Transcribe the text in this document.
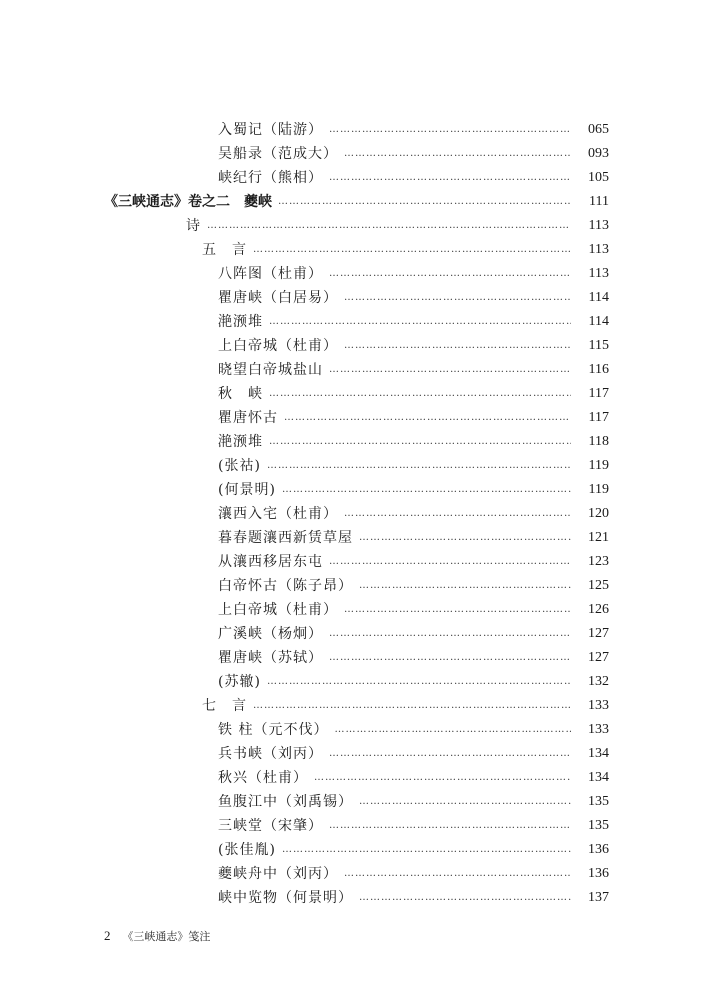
入蜀记（陆游） ……………………………………………………………………………………………………………………………………………………	065
吴船录（范成大） ……………………………………………………………………………………………………………………………………………………	093
峡纪行（熊相） ……………………………………………………………………………………………………………………………………………………	105
《三峡通志》卷之二　夔峡 ……………………………………………………………………………………………………………………………………………………	111
诗 ……………………………………………………………………………………………………………………………………………………	113
五　言 ……………………………………………………………………………………………………………………………………………………	113
八阵图（杜甫） ……………………………………………………………………………………………………………………………………………………	113
瞿唐峡（白居易） ……………………………………………………………………………………………………………………………………………………	114
滟滪堆 ……………………………………………………………………………………………………………………………………………………	114
上白帝城（杜甫） ……………………………………………………………………………………………………………………………………………………	115
晓望白帝城盐山 ……………………………………………………………………………………………………………………………………………………	116
秋　峡 ……………………………………………………………………………………………………………………………………………………	117
瞿唐怀古 ……………………………………………………………………………………………………………………………………………………	117
滟滪堆 ……………………………………………………………………………………………………………………………………………………	118
(张祜) ……………………………………………………………………………………………………………………………………………………	119
(何景明) ……………………………………………………………………………………………………………………………………………………	119
瀼西入宅（杜甫） ……………………………………………………………………………………………………………………………………………………	120
暮春题瀼西新赁草屋 ……………………………………………………………………………………………………………………………………………………	121
从瀼西移居东屯 ……………………………………………………………………………………………………………………………………………………	123
白帝怀古（陈子昂） ……………………………………………………………………………………………………………………………………………………	125
上白帝城（杜甫） ……………………………………………………………………………………………………………………………………………………	126
广溪峡（杨炯） ……………………………………………………………………………………………………………………………………………………	127
瞿唐峡（苏轼） ……………………………………………………………………………………………………………………………………………………	127
(苏辙) ……………………………………………………………………………………………………………………………………………………	132
七　言 ……………………………………………………………………………………………………………………………………………………	133
铁 柱（元不伐） ……………………………………………………………………………………………………………………………………………………	133
兵书峡（刘丙） ……………………………………………………………………………………………………………………………………………………	134
秋兴（杜甫） ……………………………………………………………………………………………………………………………………………………	134
鱼腹江中（刘禹锡） ……………………………………………………………………………………………………………………………………………………	135
三峡堂（宋肇） ……………………………………………………………………………………………………………………………………………………	135
(张佳胤) ……………………………………………………………………………………………………………………………………………………	136
夔峡舟中（刘丙） ……………………………………………………………………………………………………………………………………………………	136
峡中览物（何景明） ……………………………………………………………………………………………………………………………………………………	137
2 《三峡通志》笺注
